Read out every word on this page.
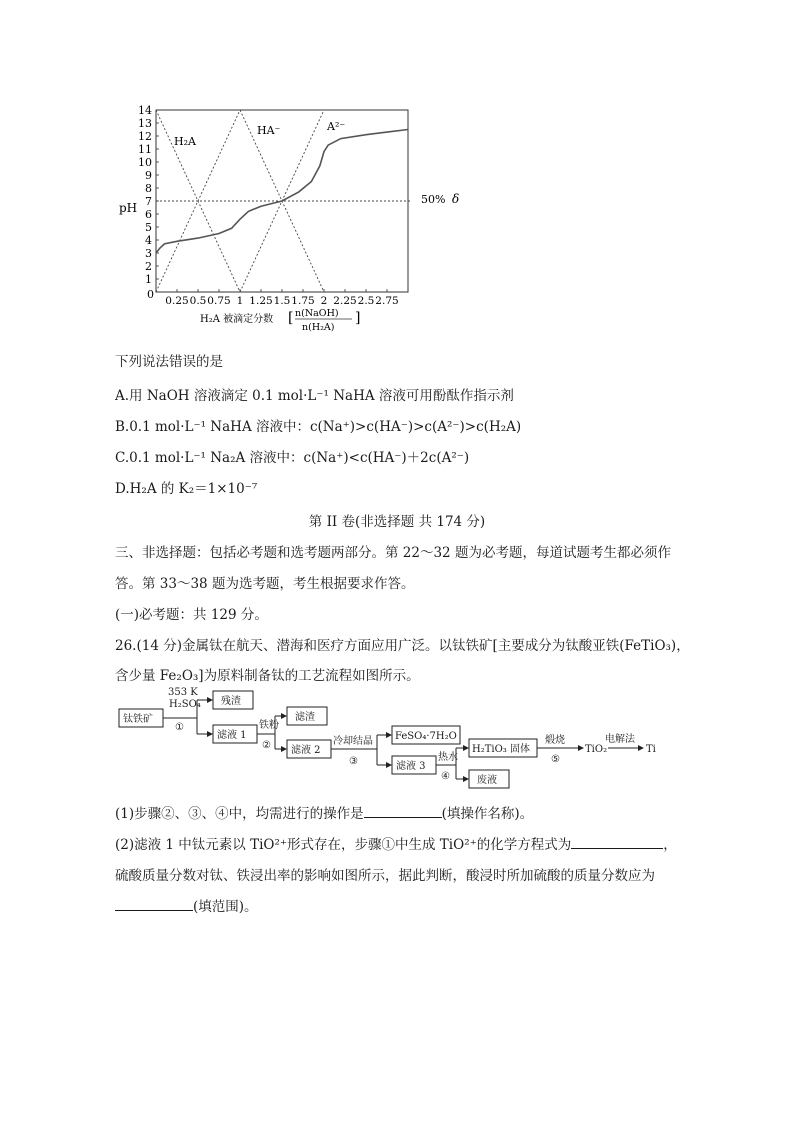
1
2
3
4
5
6
7
8
9
10
11
12
13
14
0.25 0.5 0.75 1 1.25 1.5 1.75 2 2.25 2.5 2.75
pH
0
H₂A
HA⁻	A²⁻
50% δ
H₂A 被滴定分数 [ n(NaOH)
n(H₂A)
]
下列说法错误的是
A.用 NaOH 溶液滴定 0.1 mol·L⁻¹ NaHA 溶液可用酚酞作指示剂
B.0.1 mol·L⁻¹ NaHA 溶液中：c(Na⁺)>c(HA⁻)>c(A²⁻)>c(H₂A)
C.0.1 mol·L⁻¹ Na₂A 溶液中：c(Na⁺)<c(HA⁻)＋2c(A²⁻)
D.H₂A 的 K₂＝1×10⁻⁷
第 II 卷(非选择题 共 174 分)
三、非选择题：包括必考题和选考题两部分。第 22～32 题为必考题，每道试题考生都必须作
答。第 33～38 题为选考题，考生根据要求作答。
(一)必考题：共 129 分。
26.(14 分)金属钛在航天、潜海和医疗方面应用广泛。以钛铁矿[主要成分为钛酸亚铁(FeTiO₃)，
含少量 Fe₂O₃]为原料制备钛的工艺流程如图所示。
钛铁矿
353 K
H₂SO₄
①
残渣
滤液 1
铁粉
②
滤渣
滤液 2
冷却结晶
③
FeSO₄·7H₂O
滤液 3
热水
④
H₂TiO₃ 固体
废液
煅烧
⑤
TiO₂
电解法
Ti
(1)步骤②、③、④中，均需进行的操作是	(填操作名称)。
(2)滤液 1 中钛元素以 TiO²⁺形式存在，步骤①中生成 TiO²⁺的化学方程式为	，
硫酸质量分数对钛、铁浸出率的影响如图所示，据此判断，酸浸时所加硫酸的质量分数应为
(填范围)。
